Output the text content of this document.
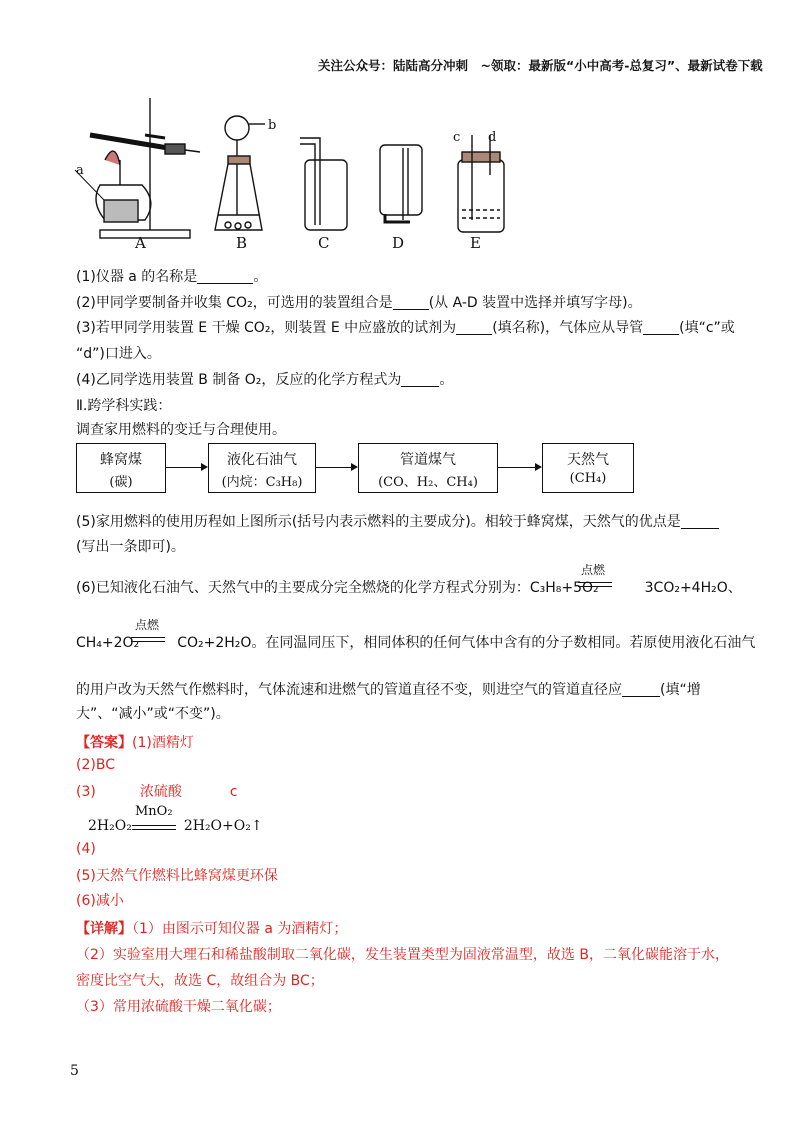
关注公众号：陆陆高分冲刺　~领取：最新版“小中高考-总复习”、最新试卷下载
a
b
c d
A	B	C	D	E
(1)仪器 a 的名称是	。
(2)甲同学要制备并收集 CO₂，可选用的装置组合是	(从 A-D 装置中选择并填写字母)。
(3)若甲同学用装置 E 干燥 CO₂，则装置 E 中应盛放的试剂为	(填名称)，气体应从导管	(填“c”或
“d”)口进入。
(4)乙同学选用装置 B 制备 O₂，反应的化学方程式为	。
Ⅱ.跨学科实践：
调查家用燃料的变迁与合理使用。
蜂窝煤
(碳)
液化石油气
(内烷：C₃H₈)
管道煤气
(CO、H₂、CH₄)
天然气
(CH₄)
(5)家用燃料的使用历程如上图所示(括号内表示燃料的主要成分)。相较于蜂窝煤，天然气的优点是
(写出一条即可)。
(6)已知液化石油气、天然气中的主要成分完全燃烧的化学方程式分别为：C₃H₈+5O₂	3CO₂+4H₂O、
点燃
CH₄+2O₂	CO₂+2H₂O。在同温同压下，相同体积的任何气体中含有的分子数相同。若原使用液化石油气
点燃
的用户改为天然气作燃料时，气体流速和进燃气的管道直径不变，则进空气的管道直径应	(填“增
大”、“减小”或“不变”)。
【答案】(1)酒精灯
(2)BC
(3)	浓硫酸	c
2H₂O₂	2H₂O+O₂↑
MnO₂
(4)
(5)天然气作燃料比蜂窝煤更环保
(6)减小
【详解】（1）由图示可知仪器 a 为酒精灯；
（2）实验室用大理石和稀盐酸制取二氧化碳，发生装置类型为固液常温型，故选 B，二氧化碳能溶于水，
密度比空气大，故选 C，故组合为 BC；
（3）常用浓硫酸干燥二氧化碳；
5
